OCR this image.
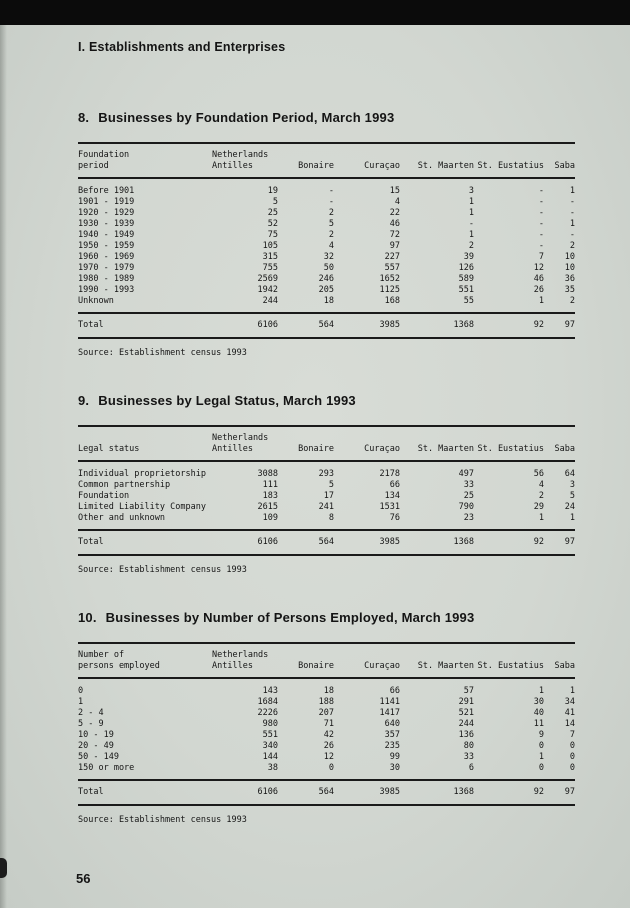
I. Establishments and Enterprises
8. Businesses by Foundation Period, March 1993
Foundation
period

Netherlands
Antilles	Bonaire	Curaçao	St. Maarten	St. Eustatius	Saba

Before 1901	19	-	15	3	-	1
1901 - 1919	5	-	4	1	-	-
1920 - 1929	25	2	22	1	-	-
1930 - 1939	52	5	46	-	-	1
1940 - 1949	75	2	72	1	-	-
1950 - 1959	105	4	97	2	-	2
1960 - 1969	315	32	227	39	7	10
1970 - 1979	755	50	557	126	12	10
1980 - 1989	2569	246	1652	589	46	36
1990 - 1993	1942	205	1125	551	26	35
Unknown	244	18	168	55	1	2
Total	6106	564	3985	1368	92	97

Source: Establishment census 1993

9. Businesses by Legal Status, March 1993
Legal status	Netherlands
Antilles	Bonaire	Curaçao	St. Maarten	St. Eustatius	Saba

Individual proprietorship	3088	293	2178	497	56	64
Common partnership	111	5	66	33	4	3
Foundation	183	17	134	25	2	5
Limited Liability Company	2615	241	1531	790	29	24
Other and unknown	109	8	76	23	1	1
Total	6106	564	3985	1368	92	97

Source: Establishment census 1993

10. Businesses by Number of Persons Employed, March 1993
Number of
persons employed

Netherlands
Antilles	Bonaire	Curaçao	St. Maarten	St. Eustatius	Saba

0	143	18	66	57	1	1
1	1684	188	1141	291	30	34
2 - 4	2226	207	1417	521	40	41
5 - 9	980	71	640	244	11	14
10 - 19	551	42	357	136	9	7
20 - 49	340	26	235	80	0	0
50 - 149	144	12	99	33	1	0
150 or more	38	0	30	6	0	0
Total	6106	564	3985	1368	92	97

Source: Establishment census 1993

56
